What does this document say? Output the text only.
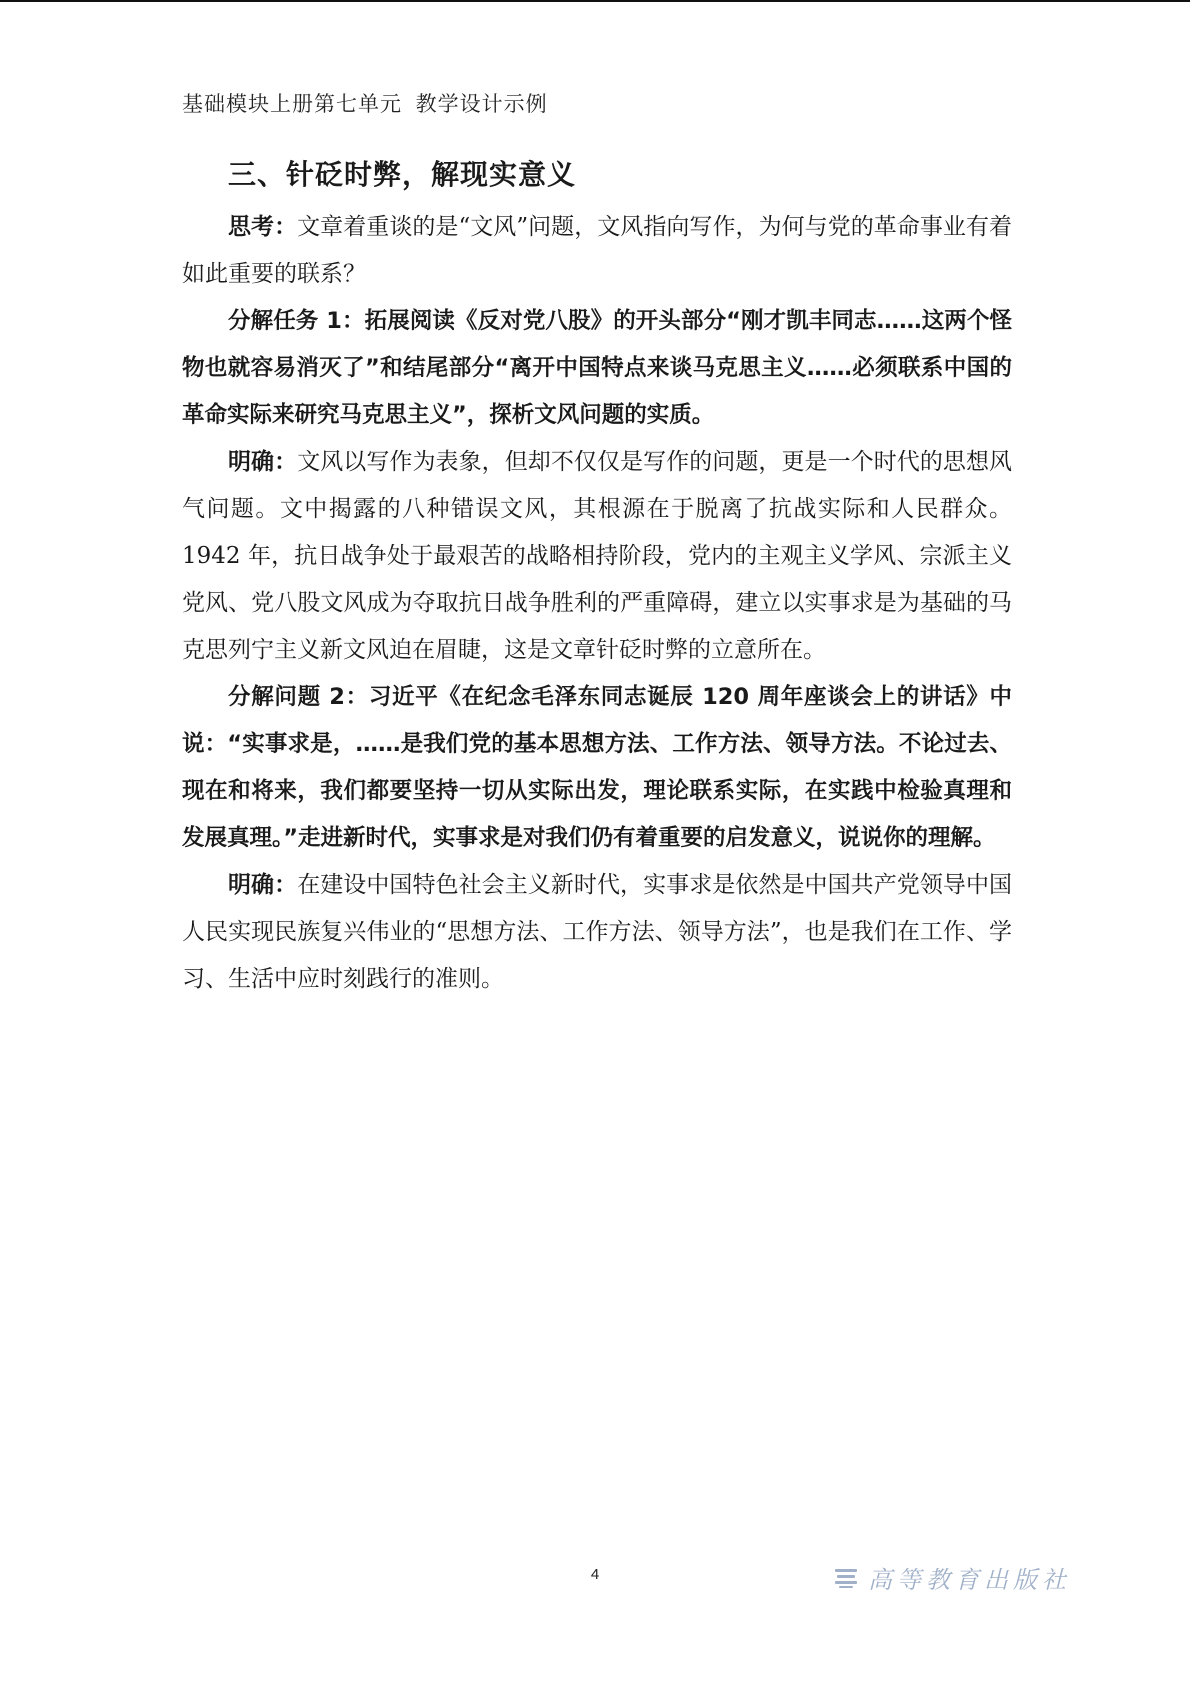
基础模块上册第七单元 教学设计示例
三、针砭时弊，解现实意义

思考：文章着重谈的是“文风”问题，文风指向写作，为何与党的革命事业有着如此重要的联系？

分解任务 1：拓展阅读《反对党八股》的开头部分“刚才凯丰同志……这两个怪物也就容易消灭了”和结尾部分“离开中国特点来谈马克思主义……必须联系中国的革命实际来研究马克思主义”，探析文风问题的实质。

明确：文风以写作为表象，但却不仅仅是写作的问题，更是一个时代的思想风气问题。文中揭露的八种错误文风，其根源在于脱离了抗战实际和人民群众。1942 年，抗日战争处于最艰苦的战略相持阶段，党内的主观主义学风、宗派主义党风、党八股文风成为夺取抗日战争胜利的严重障碍，建立以实事求是为基础的马克思列宁主义新文风迫在眉睫，这是文章针砭时弊的立意所在。

分解问题 2：习近平《在纪念毛泽东同志诞辰 120 周年座谈会上的讲话》中说：“实事求是，……是我们党的基本思想方法、工作方法、领导方法。不论过去、现在和将来，我们都要坚持一切从实际出发，理论联系实际，在实践中检验真理和发展真理。”走进新时代，实事求是对我们仍有着重要的启发意义，说说你的理解。

明确：在建设中国特色社会主义新时代，实事求是依然是中国共产党领导中国人民实现民族复兴伟业的“思想方法、工作方法、领导方法”，也是我们在工作、学习、生活中应时刻践行的准则。

4	高等教育出版社
